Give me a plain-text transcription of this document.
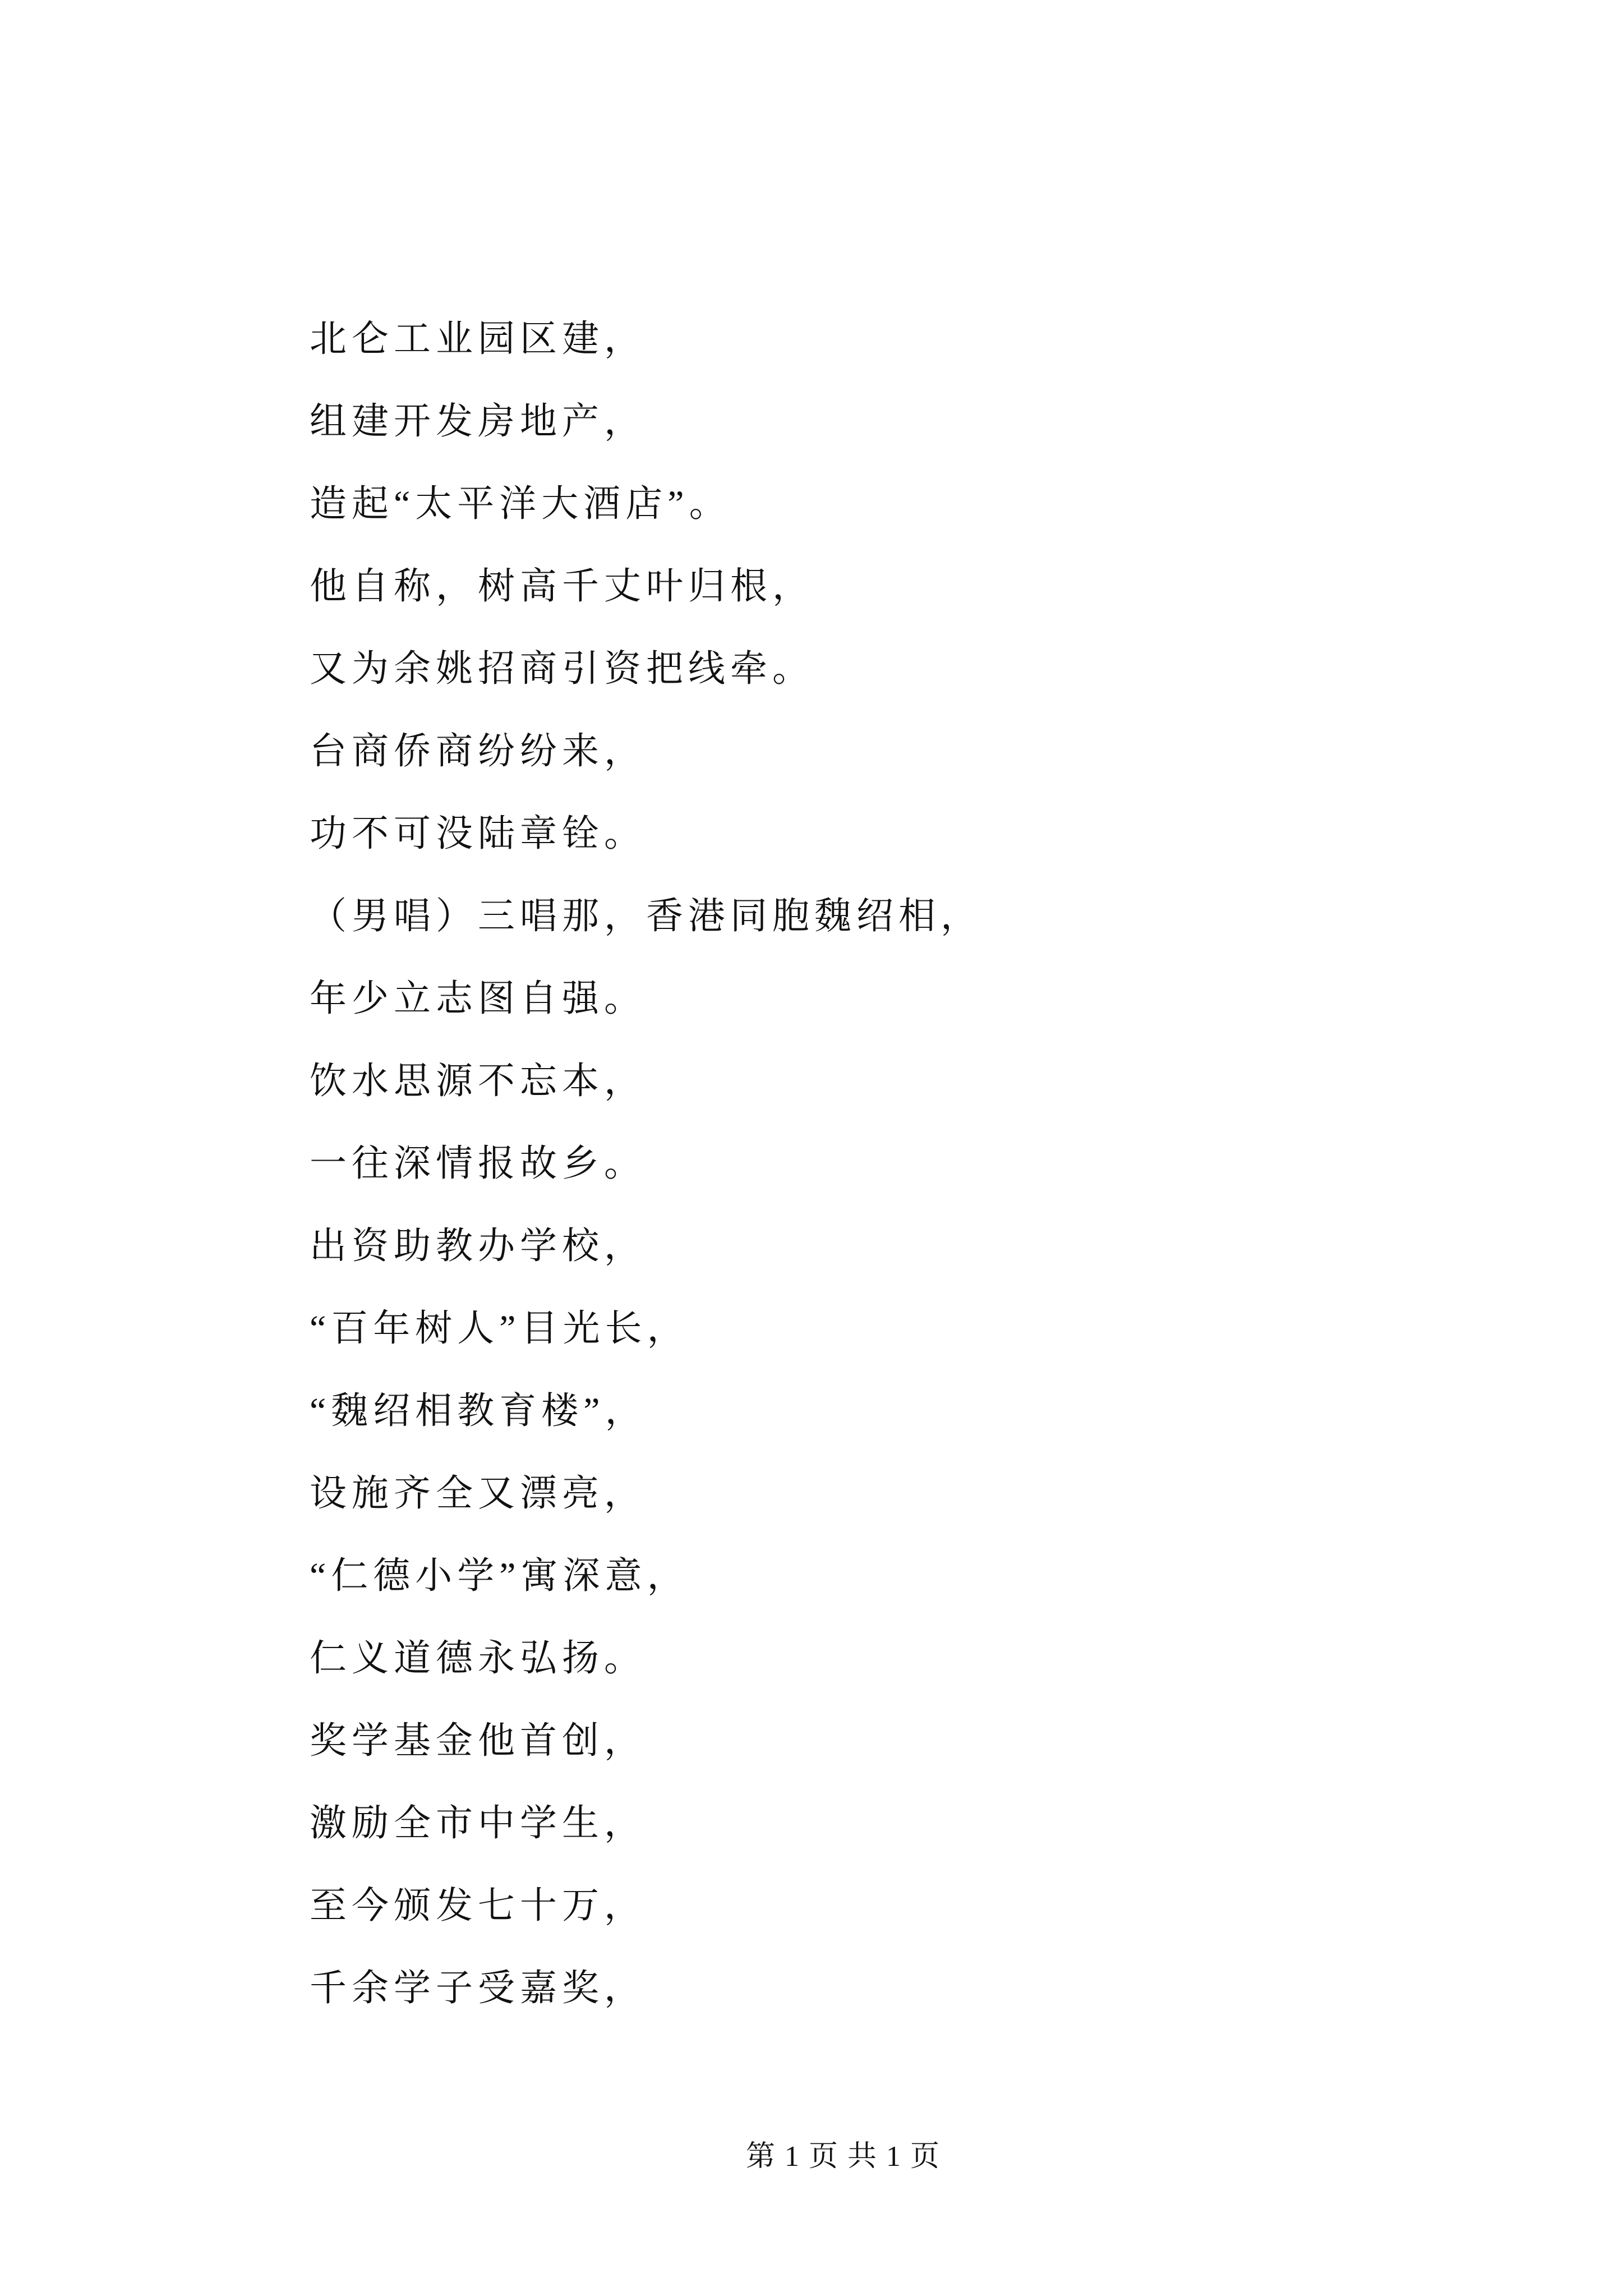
北仑工业园区建，
组建开发房地产，
造起“太平洋大酒店”。
他自称，树高千丈叶归根，
又为余姚招商引资把线牵。
台商侨商纷纷来，
功不可没陆章铨。
（男唱）三唱那，香港同胞魏绍相，
年少立志图自强。
饮水思源不忘本，
一往深情报故乡。
出资助教办学校，
“百年树人”目光长，
“魏绍相教育楼”，
设施齐全又漂亮，
“仁德小学”寓深意，
仁义道德永弘扬。
奖学基金他首创，
激励全市中学生，
至今颁发七十万，
千余学子受嘉奖，
第 1 页 共 1 页
